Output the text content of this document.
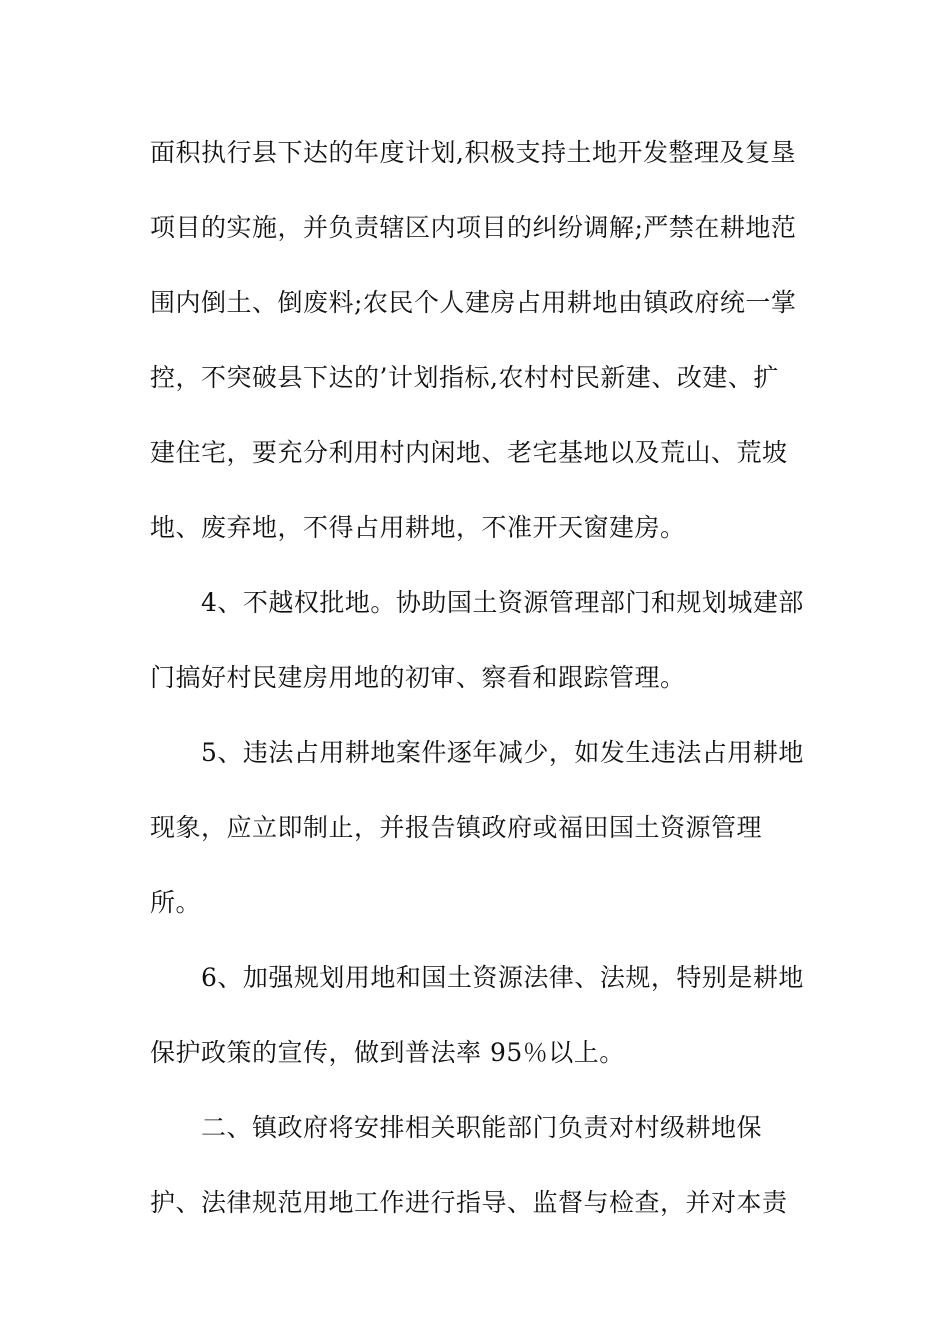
面积执行县下达的年度计划,积极支持土地开发整理及复垦
项目的实施，并负责辖区内项目的纠纷调解;严禁在耕地范
围内倒土、倒废料;农民个人建房占用耕地由镇政府统一掌
控，不突破县下达的’计划指标,农村村民新建、改建、扩
建住宅，要充分利用村内闲地、老宅基地以及荒山、荒坡
地、废弃地，不得占用耕地，不准开天窗建房。
4、不越权批地。协助国土资源管理部门和规划城建部
门搞好村民建房用地的初审、察看和跟踪管理。
5、违法占用耕地案件逐年减少，如发生违法占用耕地
现象，应立即制止，并报告镇政府或福田国土资源管理
所。
6、加强规划用地和国土资源法律、法规，特别是耕地
保护政策的宣传，做到普法率 95％以上。
二、镇政府将安排相关职能部门负责对村级耕地保
护、法律规范用地工作进行指导、监督与检查，并对本责
